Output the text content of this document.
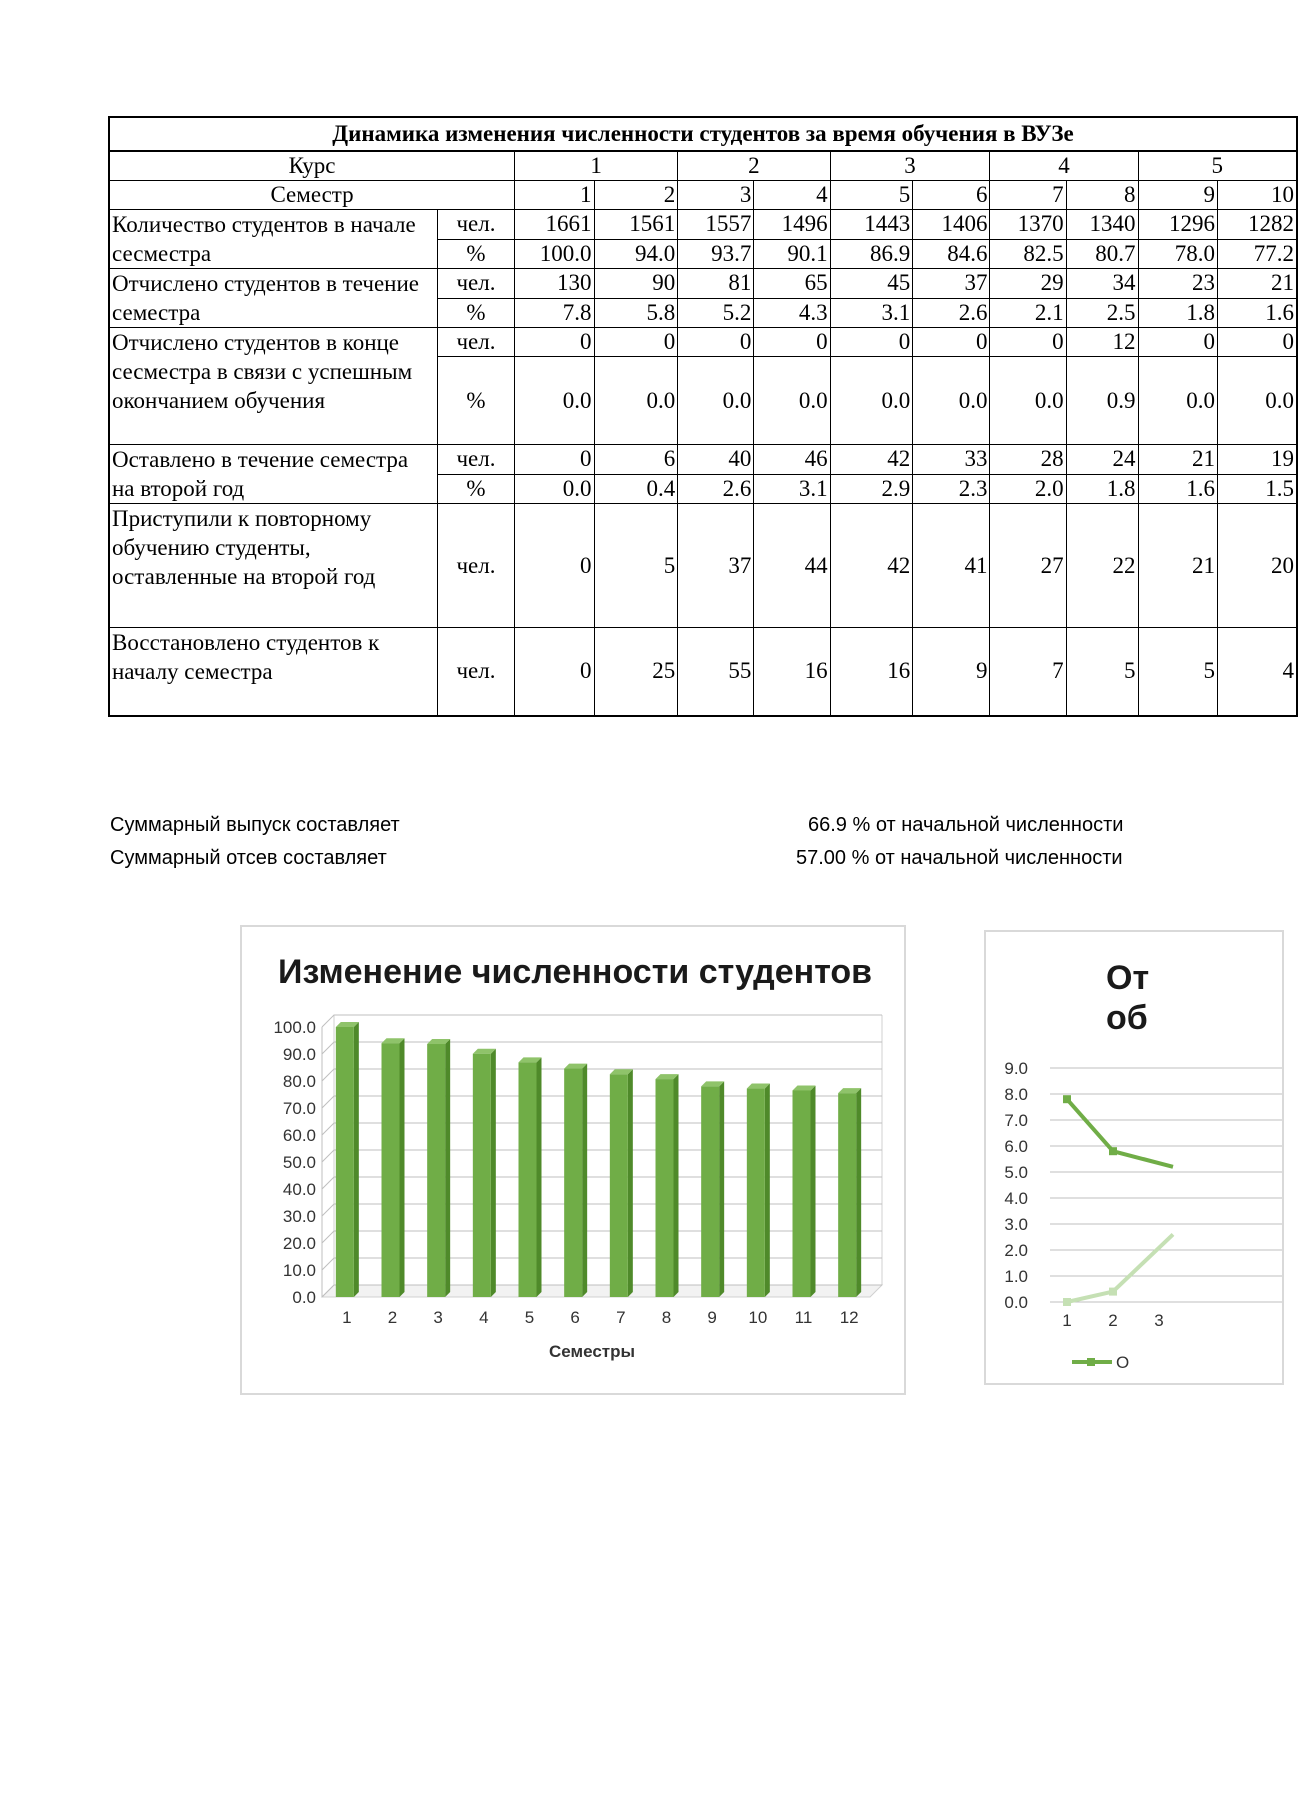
Динамика изменения численности студентов за время обучения в ВУЗе											
Курс		1		2		3		4		5	
Семестр		1	2	3	4	5	6	7	8	9	10
Количество студентов в начале сесместра	чел.	1661	1561	1557	1496	1443	1406	1370	1340	1296	1282
	%	100.0	94.0	93.7	90.1	86.9	84.6	82.5	80.7	78.0	77.2
Отчислено студентов в течение семестра	чел.	130	90	81	65	45	37	29	34	23	21
	%	7.8	5.8	5.2	4.3	3.1	2.6	2.1	2.5	1.8	1.6
Отчислено студентов в конце сесместра в связи с успешным окончанием обучения	чел.	0	0	0	0	0	0	0	12	0	0
	%	0.0	0.0	0.0	0.0	0.0	0.0	0.0	0.9	0.0	0.0
Оставлено в течение семестра на второй год	чел.	0	6	40	46	42	33	28	24	21	19
	%	0.0	0.4	2.6	3.1	2.9	2.3	2.0	1.8	1.6	1.5
Приступили к повторному обучению студенты, оставленные на второй год	чел.	0	5	37	44	42	41	27	22	21	20
Восстановлено студентов к началу семестра	чел.	0	25	55	16	16	9	7	5	5	4
Суммарный выпуск составляет	66.9 % от начальной численности
Суммарный отсев составляет	57.00 % от начальной численности
Изменение численности студентов
0.0
10.0
20.0
30.0
40.0
50.0
60.0
70.0
80.0
90.0
100.0
1 2 3 4 5 6 7 8 9 10 11 12
Семестры
От
об
0.0
1.0
2.0
3.0
4.0
5.0
6.0
7.0
8.0
9.0
1 2 3
О
